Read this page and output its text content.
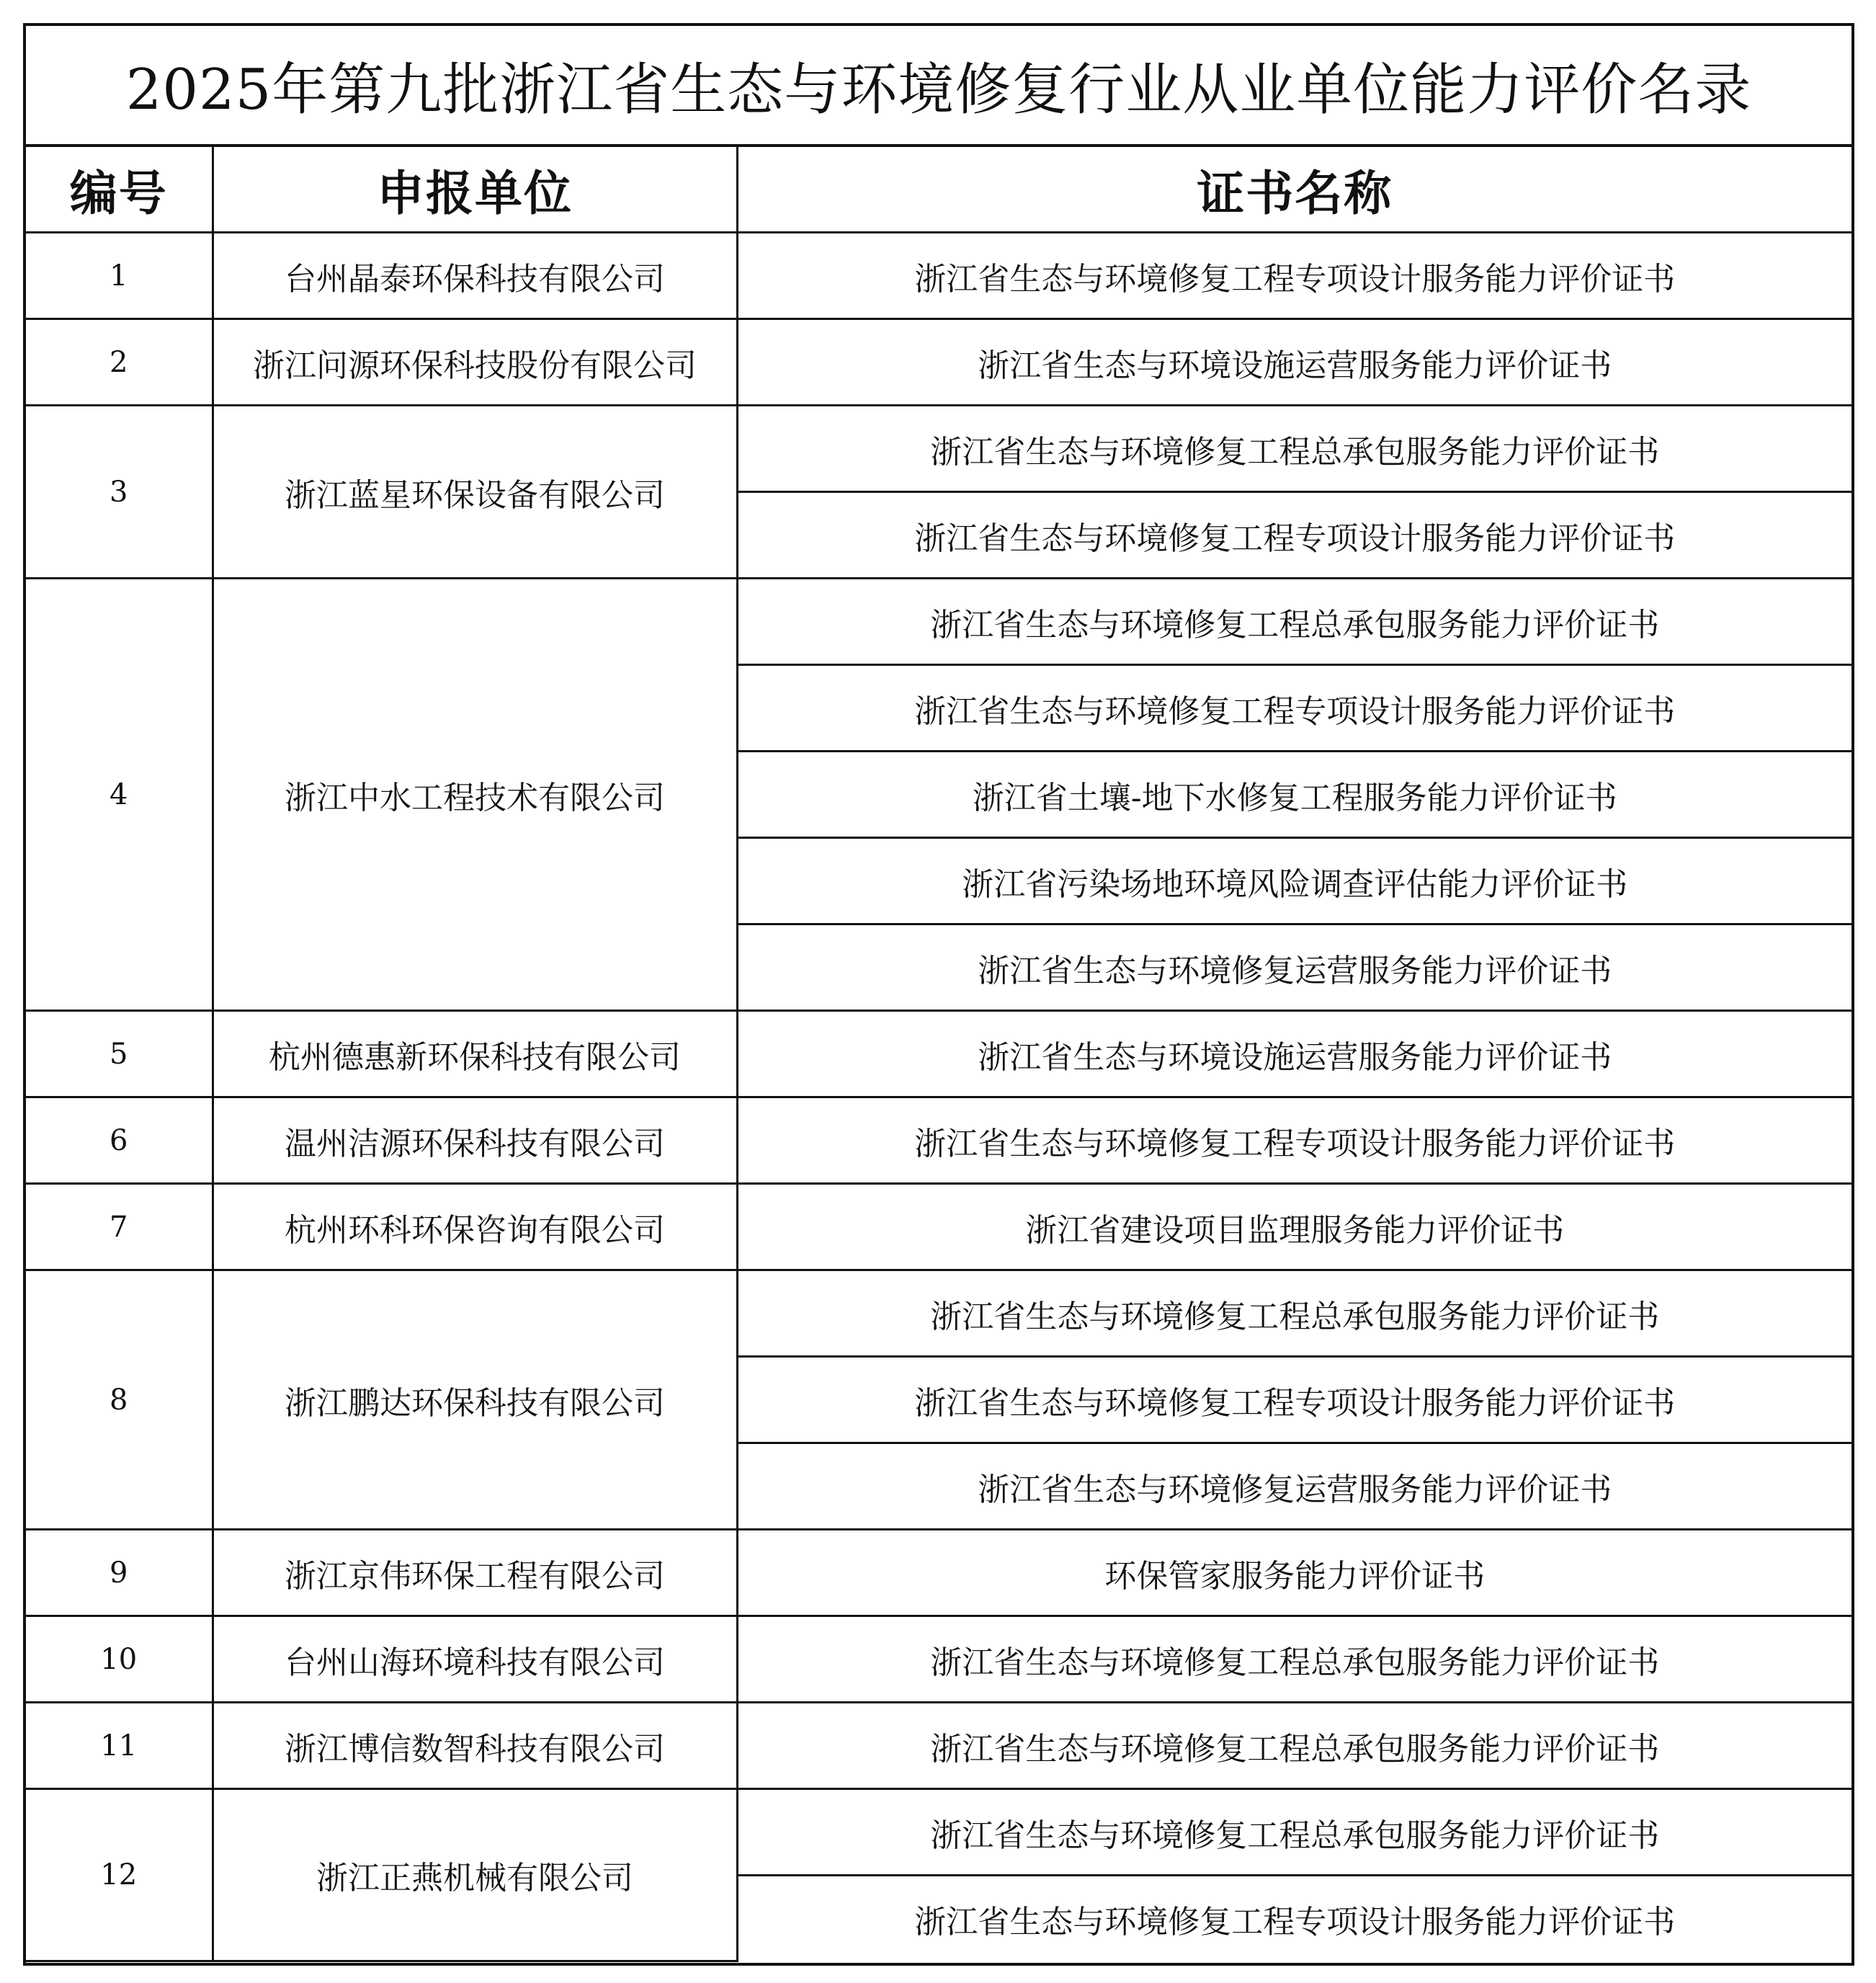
2025年第九批浙江省生态与环境修复行业从业单位能力评价名录
编号	申报单位	证书名称
1	台州晶泰环保科技有限公司	浙江省生态与环境修复工程专项设计服务能力评价证书
2	浙江问源环保科技股份有限公司	浙江省生态与环境设施运营服务能力评价证书
3	浙江蓝星环保设备有限公司	浙江省生态与环境修复工程总承包服务能力评价证书
		浙江省生态与环境修复工程专项设计服务能力评价证书
4	浙江中水工程技术有限公司	浙江省生态与环境修复工程总承包服务能力评价证书
		浙江省生态与环境修复工程专项设计服务能力评价证书
		浙江省土壤-地下水修复工程服务能力评价证书
		浙江省污染场地环境风险调查评估能力评价证书
		浙江省生态与环境修复运营服务能力评价证书
5	杭州德惠新环保科技有限公司	浙江省生态与环境设施运营服务能力评价证书
6	温州洁源环保科技有限公司	浙江省生态与环境修复工程专项设计服务能力评价证书
7	杭州环科环保咨询有限公司	浙江省建设项目监理服务能力评价证书
8	浙江鹏达环保科技有限公司	浙江省生态与环境修复工程总承包服务能力评价证书
		浙江省生态与环境修复工程专项设计服务能力评价证书
		浙江省生态与环境修复运营服务能力评价证书
9	浙江京伟环保工程有限公司	环保管家服务能力评价证书
10	台州山海环境科技有限公司	浙江省生态与环境修复工程总承包服务能力评价证书
11	浙江博信数智科技有限公司	浙江省生态与环境修复工程总承包服务能力评价证书
12	浙江正燕机械有限公司	浙江省生态与环境修复工程总承包服务能力评价证书
		浙江省生态与环境修复工程专项设计服务能力评价证书
